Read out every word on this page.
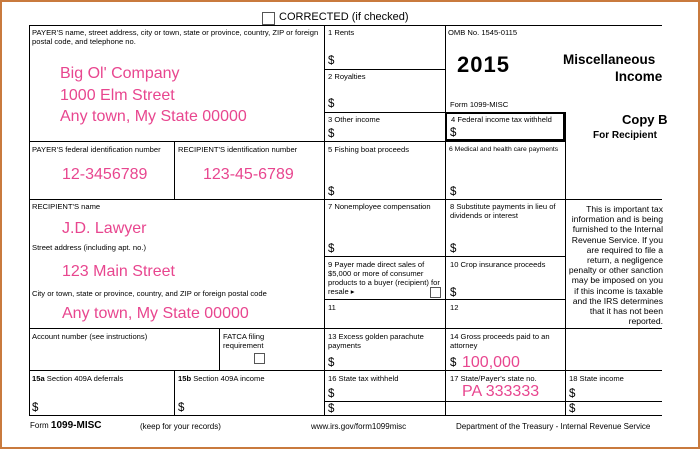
CORRECTED (if checked)
PAYER'S name, street address, city or town, state or province, country, ZIP or foreign postal code, and telephone no.
Big Ol' Company
1000 Elm Street
Any town, My State 00000
1 Rents
$
2 Royalties
$
3 Other income
$
OMB No. 1545-0115
2015
Form 1099-MISC
Miscellaneous
Income
Copy B
For Recipient
4 Federal income tax withheld
$
PAYER'S federal identification number
12-3456789
RECIPIENT'S identification number
123-45-6789
5 Fishing boat proceeds
$
6 Medical and health care payments
$
RECIPIENT'S name
J.D. Lawyer
Street address (including apt. no.)
123 Main Street
City or town, state or province, country, and ZIP or foreign postal code
Any town, My State 00000
7 Nonemployee compensation
$
8 Substitute payments in lieu of dividends or interest
$
This is important tax information and is being furnished to the Internal Revenue Service. If you are required to file a return, a negligence penalty or other sanction may be imposed on you if this income is taxable and the IRS determines that it has not been reported.
9 Payer made direct sales of $5,000 or more of consumer products to a buyer (recipient) for resale ▸
10 Crop insurance proceeds
$
11	12
Account number (see instructions)	FATCA filing
requirement
13 Excess golden parachute payments
$
14 Gross proceeds paid to an attorney
$ 100,000
15a Section 409A deferrals
$
15b Section 409A income
$
16 State tax withheld
$
$
17 State/Payer's state no.
PA 333333
18 State income
$
$
Form 1099-MISC	(keep for your records)	www.irs.gov/form1099misc	Department of the Treasury - Internal Revenue Service
